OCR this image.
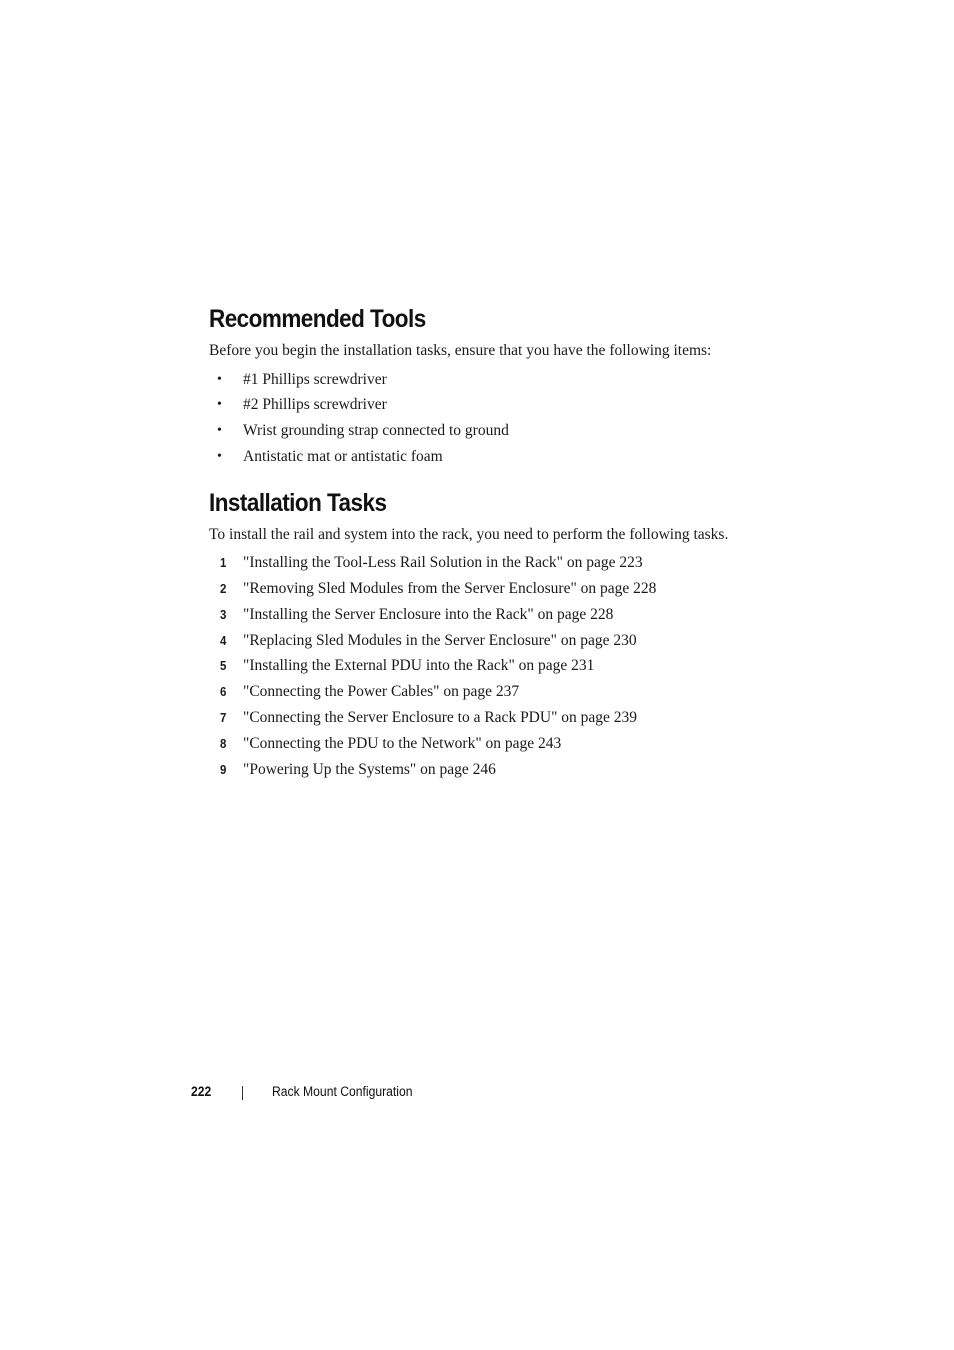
Recommended Tools

Before you begin the installation tasks, ensure that you have the following items:

• #1 Phillips screwdriver
• #2 Phillips screwdriver
• Wrist grounding strap connected to ground
• Antistatic mat or antistatic foam
Installation Tasks

To install the rail and system into the rack, you need to perform the following tasks.

1 "Installing the Tool-Less Rail Solution in the Rack" on page 223
2 "Removing Sled Modules from the Server Enclosure" on page 228
3 "Installing the Server Enclosure into the Rack" on page 228
4 "Replacing Sled Modules in the Server Enclosure" on page 230
5 "Installing the External PDU into the Rack" on page 231
6 "Connecting the Power Cables" on page 237
7 "Connecting the Server Enclosure to a Rack PDU" on page 239
8 "Connecting the PDU to the Network" on page 243
9 "Powering Up the Systems" on page 246
222	Rack Mount Configuration
